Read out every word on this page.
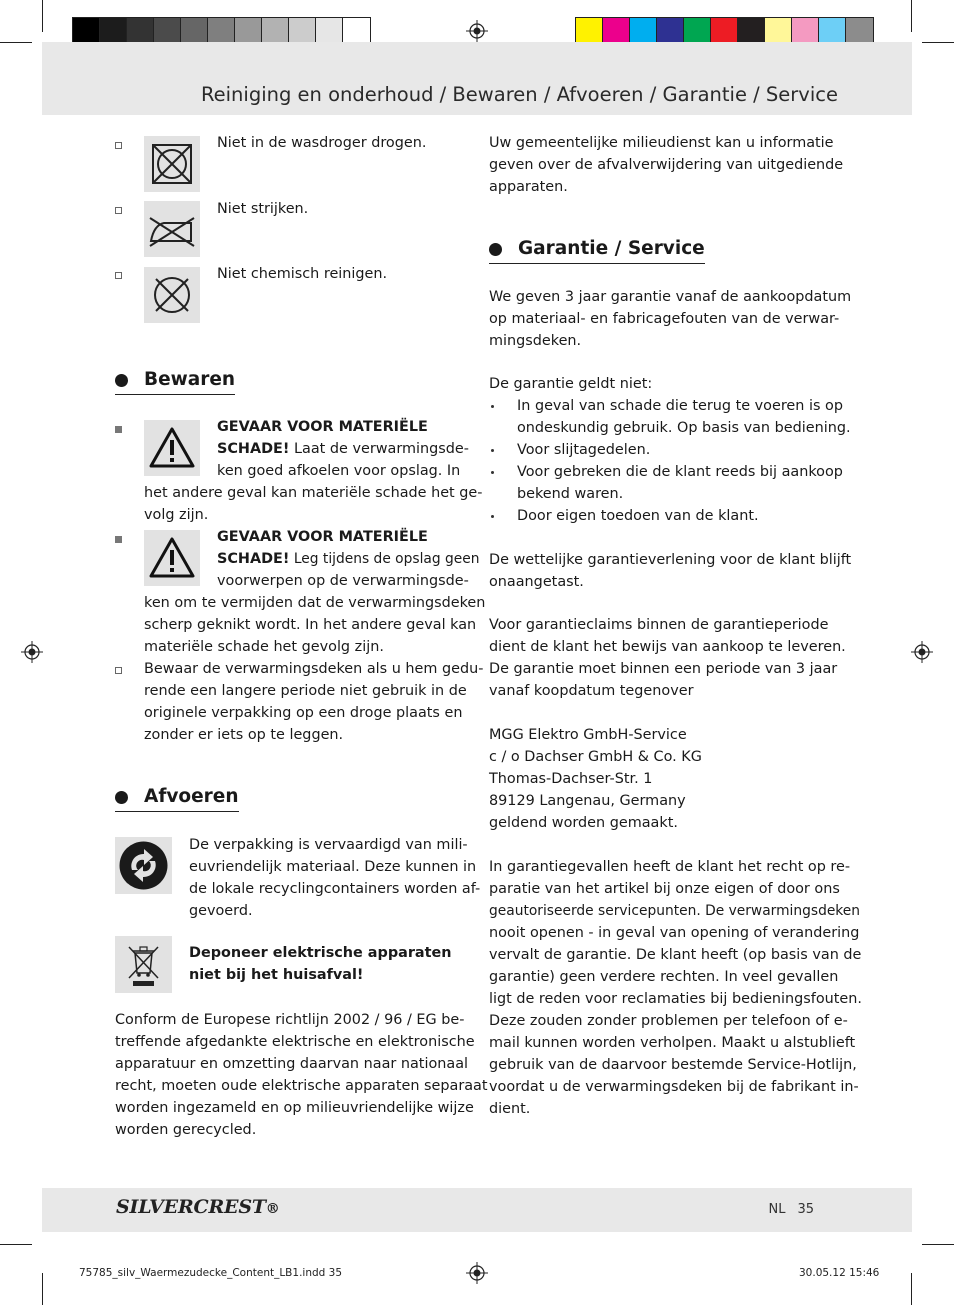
Reiniging en onderhoud / Bewaren / Afvoeren / Garantie / Service
Niet in de wasdroger drogen.
Niet strijken.
Niet chemisch reinigen.
Bewaren
GEVAAR VOOR MATERIËLE
SCHADE! Laat de verwarmingsde-
ken goed afkoelen voor opslag. In
het andere geval kan materiële schade het ge-
volg zijn.
GEVAAR VOOR MATERIËLE
SCHADE! Leg tijdens de opslag geen
voorwerpen op de verwarmingsde-
ken om te vermijden dat de verwarmingsdeken
scherp geknikt wordt. In het andere geval kan
materiële schade het gevolg zijn.
Bewaar de verwarmingsdeken als u hem gedu-
rende een langere periode niet gebruik in de
originele verpakking op een droge plaats en
zonder er iets op te leggen.
Afvoeren
De verpakking is vervaardigd van mili-
euvriendelijk materiaal. Deze kunnen in
de lokale recyclingcontainers worden af-
gevoerd.
Deponeer elektrische apparaten
niet bij het huisafval!
Conform de Europese richtlijn 2002 / 96 / EG be-
treffende afgedankte elektrische en elektronische
apparatuur en omzetting daarvan naar nationaal
recht, moeten oude elektrische apparaten separaat
worden ingezameld en op milieuvriendelijke wijze
worden gerecycled.
Uw gemeentelijke milieudienst kan u informatie
geven over de afvalverwijdering van uitgediende
apparaten.
Garantie / Service
We geven 3 jaar garantie vanaf de aankoopdatum
op materiaal- en fabricagefouten van de verwar-
mingsdeken.
De garantie geldt niet:
In geval van schade die terug te voeren is op
ondeskundig gebruik. Op basis van bediening.
Voor slijtagedelen.
Voor gebreken die de klant reeds bij aankoop
bekend waren.
Door eigen toedoen van de klant.
De wettelijke garantieverlening voor de klant blijft
onaangetast.
Voor garantieclaims binnen de garantieperiode
dient de klant het bewijs van aankoop te leveren.
De garantie moet binnen een periode van 3 jaar
vanaf koopdatum tegenover
MGG Elektro GmbH-Service
c / o Dachser GmbH & Co. KG
Thomas-Dachser-Str. 1
89129 Langenau, Germany
geldend worden gemaakt.
In garantiegevallen heeft de klant het recht op re-
paratie van het artikel bij onze eigen of door ons
geautoriseerde servicepunten. De verwarmingsdeken
nooit openen - in geval van opening of verandering
vervalt de garantie. De klant heeft (op basis van de
garantie) geen verdere rechten. In veel gevallen
ligt de reden voor reclamaties bij bedieningsfouten.
Deze zouden zonder problemen per telefoon of e-
mail kunnen worden verholpen. Maakt u alstublieft
gebruik van de daarvoor bestemde Service-Hotlijn,
voordat u de verwarmingsdeken bij de fabrikant in-
dient.
SILVERCREST®	NL 35
75785_silv_Waermezudecke_Content_LB1.indd 35	30.05.12 15:46
